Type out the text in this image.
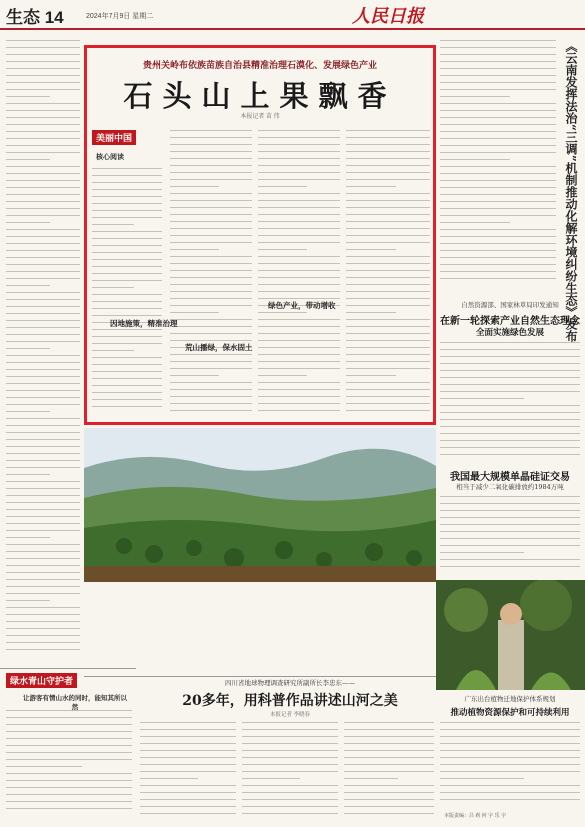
生态 14	2024年7月9日 星期二	人民日报
贵州关岭布依族苗族自治县精准治理石漠化、发展绿色产业
石头山上果飘香
本报记者 苗 伟
美丽中国
核心阅读
因地施策，精准治理
荒山播绿，保水固土
绿色产业，带动增收
绿水青山守护者
让游客有情山水的同时，能知其所以然
四川省地球物理调查研究所副所长李忠东——
20多年，用科普作品讲述山河之美
本报记者 李晓春
《云南发挥法治“三调”机制推动化解环境纠纷生态》发布
自然资源部、国家林草局印发通知
在新一轮探索产业自然生态理念
全面实施绿色发展
我国最大规模单晶硅证交易
相当于减少二氧化碳排放约1984万吨
广东出台植物迁地保护体系规划
推动植物资源保护和可持续利用
本版责编：吕 莉 何 宇 乐 宇
